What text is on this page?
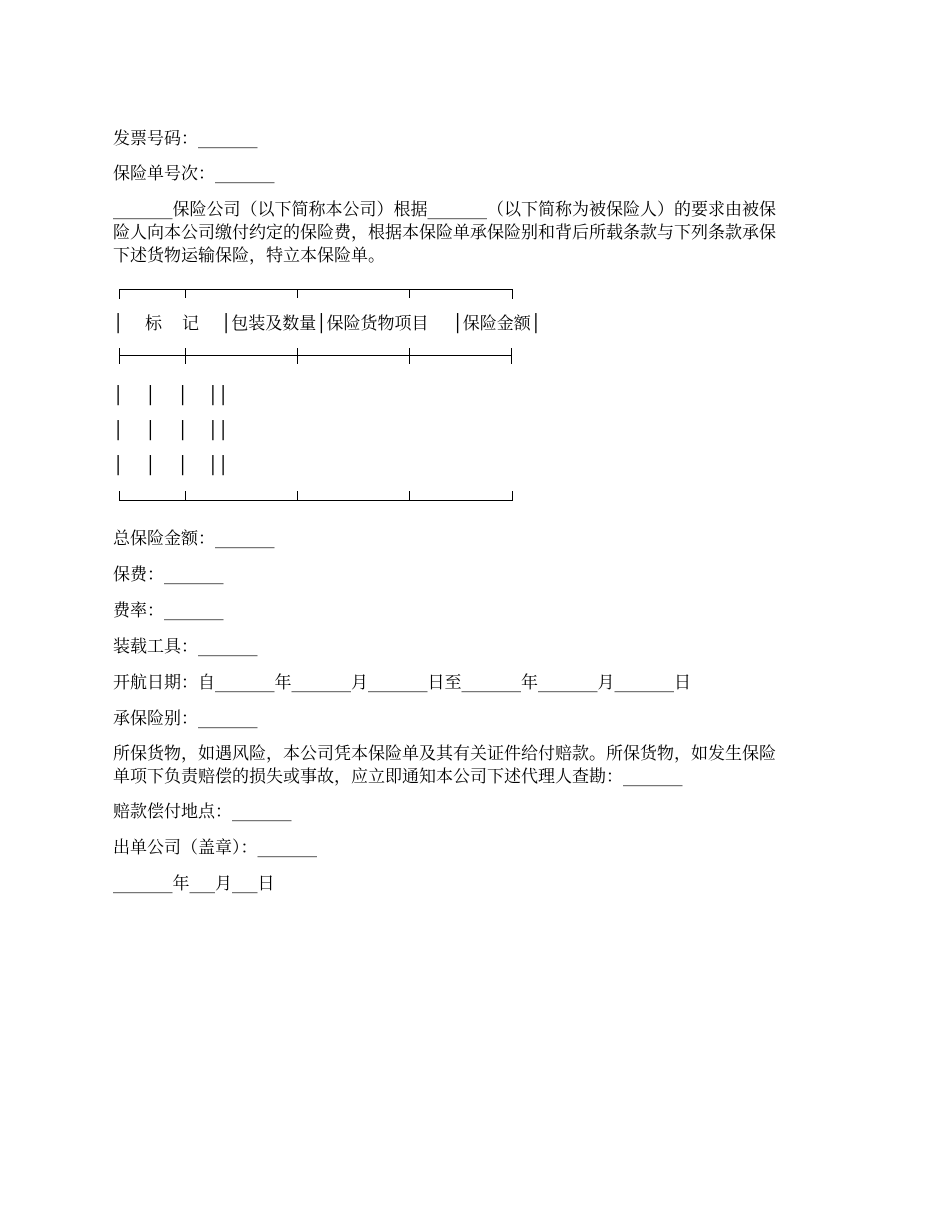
发票号码：_______
保险单号次：_______
_______保险公司（以下简称本公司）根据_______（以下简称为被保险人）的要求由被保
险人向本公司缴付约定的保险费，根据本保险单承保险别和背后所载条款与下列条款承保
下述货物运输保险，特立本保险单。
│ 标 记 │包装及数量│保险货物项目 │保险金额│
│ │ │ ││
│ │ │ ││
│ │ │ ││
总保险金额：_______
保费：_______
费率：_______
装载工具：_______
开航日期：自_______年_______月_______日至_______年_______月_______日
承保险别：_______
所保货物，如遇风险，本公司凭本保险单及其有关证件给付赔款。所保货物，如发生保险
单项下负责赔偿的损失或事故，应立即通知本公司下述代理人查勘：_______
赔款偿付地点：_______
出单公司（盖章）：_______
_______年___月___日
